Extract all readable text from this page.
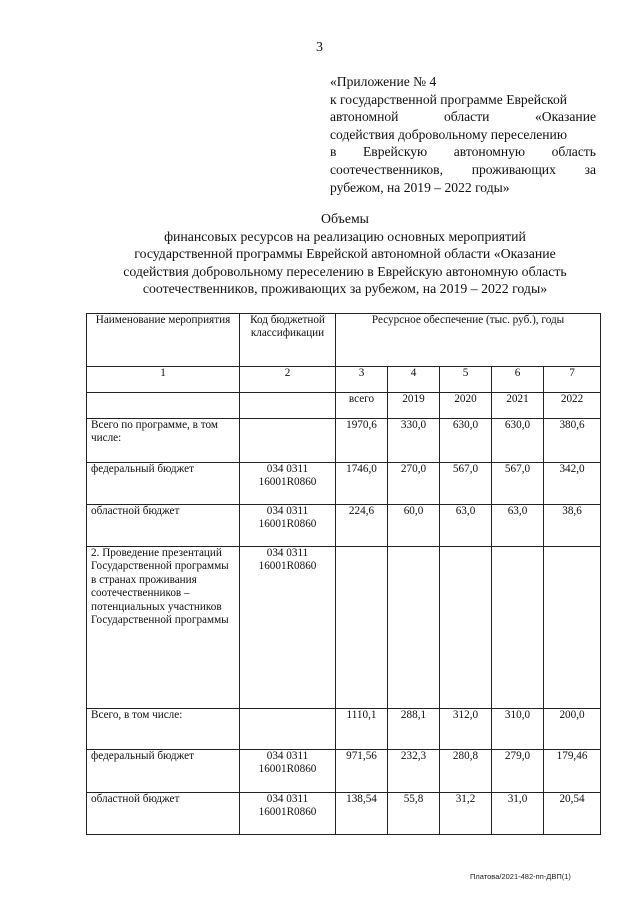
3
«Приложение № 4
к государственной программе Еврейской
автономной области «Оказание
содействия добровольному переселению
в Еврейскую автономную область
соотечественников, проживающих за
рубежом, на 2019 – 2022 годы»
Объемы
финансовых ресурсов на реализацию основных мероприятий
государственной программы Еврейской автономной области «Оказание
содействия добровольному переселению в Еврейскую автономную область
соотечественников, проживающих за рубежом, на 2019 – 2022 годы»
Наименование мероприятия	Код бюджетной классификации	Ресурсное обеспечение (тыс. руб.), годы				
1	2	3	4	5	6	7
		всего	2019	2020	2021	2022
Всего по программе, в том числе:		1970,6	330,0	630,0	630,0	380,6
федеральный бюджет	034 0311 16001R0860	1746,0	270,0	567,0	567,0	342,0
областной бюджет	034 0311 16001R0860	224,6	60,0	63,0	63,0	38,6
2. Проведение презентаций Государственной программы в странах проживания соотечественников – потенциальных участников Государственной программы	034 0311 16001R0860					
Всего, в том числе:		1110,1	288,1	312,0	310,0	200,0
федеральный бюджет	034 0311 16001R0860	971,56	232,3	280,8	279,0	179,46
областной бюджет	034 0311 16001R0860	138,54	55,8	31,2	31,0	20,54
Платова/2021-482-пп-ДВП(1)
